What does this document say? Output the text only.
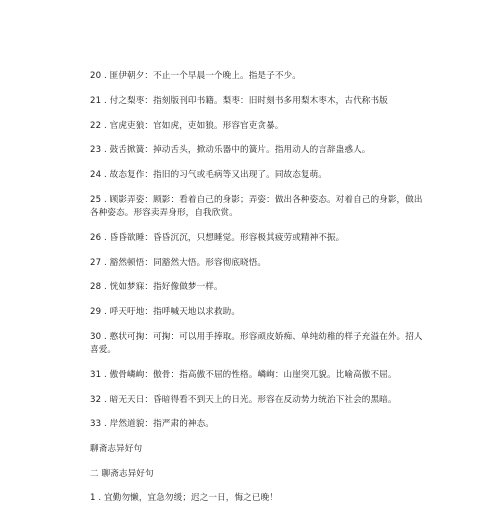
20 . 匪伊朝夕：不止一个早晨一个晚上。指是子不少。
21 . 付之梨枣：指刻版刊印书籍。梨枣：旧时刻书多用梨木枣木，古代称书版
22 . 官虎吏狼：官如虎，吏如狼。形容官吏贪暴。
23 . 鼓舌掀簧：掉动舌头，掀动乐器中的簧片。指用动人的言辞蛊惑人。
24 . 故态复作：指旧的习气或毛病等又出现了。同故态复萌。
25 . 顾影弄姿：顾影：看着自己的身影；弄姿：做出各种姿态。对着自己的身影，做出
各种姿态。形容卖弄身形，自我欣赏。
26 . 昏昏欲睡：昏昏沉沉，只想睡觉。形容极其疲劳或精神不振。
27 . 豁然顿悟：同豁然大悟。形容彻底晓悟。
28 . 恍如梦寐：指好像做梦一样。
29 . 呼天吁地：指呼喊天地以求救助。
30 . 憨状可掬：可掬：可以用手捧取。形容顽皮娇痴、单纯幼稚的样子充溢在外。招人
喜爱。
31 . 傲骨嶙峋：傲骨：指高傲不屈的性格。嶙峋：山崖突兀貌。比喻高傲不屈。
32 . 暗无天日：昏暗得看不到天上的日光。形容在反动势力统治下社会的黑暗。
33 . 岸然道貌：指严肃的神态。
聊斋志异好句
二 聊斋志异好句
1 . 宜勤勿懒，宜急勿缓；迟之一日，悔之已晚！
